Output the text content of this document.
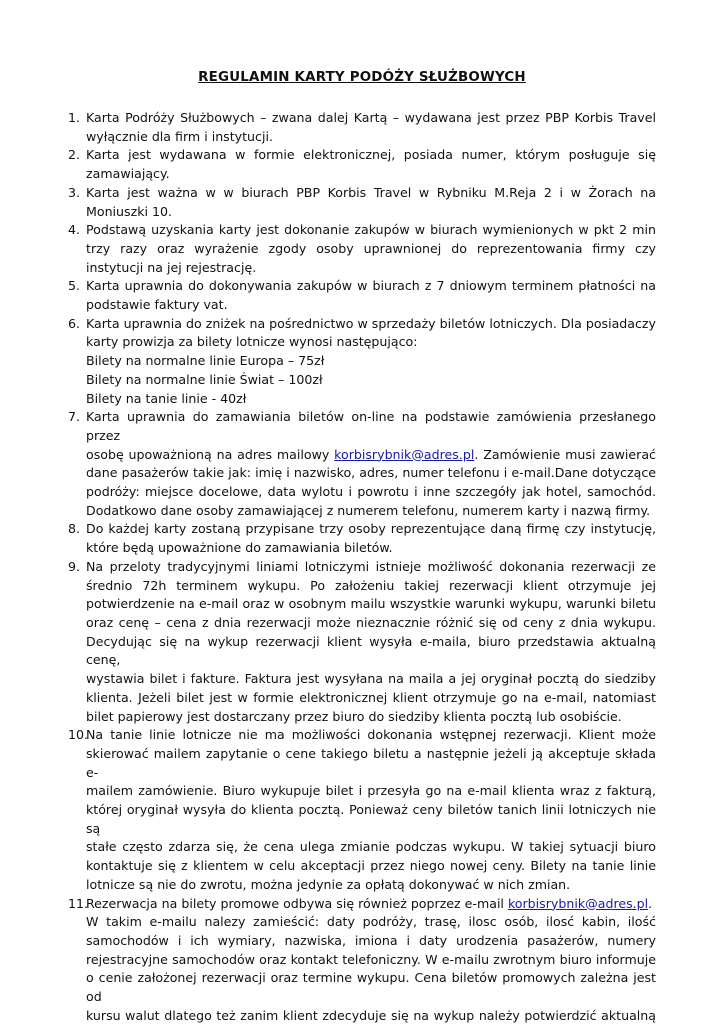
REGULAMIN KARTY PODÓŻY SŁUŻBOWYCH
1. Karta Podróży Służbowych – zwana dalej Kartą – wydawana jest przez PBP Korbis Travel
wyłącznie dla firm i instytucji.
2. Karta jest wydawana w formie elektronicznej, posiada numer, którym posługuje się
zamawiający.
3. Karta jest ważna w w biurach PBP Korbis Travel w Rybniku M.Reja 2 i w Żorach na
Moniuszki 10.
4. Podstawą uzyskania karty jest dokonanie zakupów w biurach wymienionych w pkt 2 min
trzy razy oraz wyrażenie zgody osoby uprawnionej do reprezentowania firmy czy
instytucji na jej rejestrację.
5. Karta uprawnia do dokonywania zakupów w biurach z 7 dniowym terminem płatności na
podstawie faktury vat.
6. Karta uprawnia do zniżek na pośrednictwo w sprzedaży biletów lotniczych. Dla posiadaczy
karty prowizja za bilety lotnicze wynosi następująco:
Bilety na normalne linie Europa – 75zł
Bilety na normalne linie Świat – 100zł
Bilety na tanie linie - 40zł
7. Karta uprawnia do zamawiania biletów on-line na podstawie zamówienia przesłanego przez
osobę upoważnioną na adres mailowy korbisrybnik@adres.pl. Zamówienie musi zawierać
dane pasażerów takie jak: imię i nazwisko, adres, numer telefonu i e-mail.Dane dotyczące
podróży: miejsce docelowe, data wylotu i powrotu i inne szczegóły jak hotel, samochód.
Dodatkowo dane osoby zamawiającej z numerem telefonu, numerem karty i nazwą firmy.
8. Do każdej karty zostaną przypisane trzy osoby reprezentujące daną firmę czy instytucję,
które będą upoważnione do zamawiania biletów.
9. Na przeloty tradycyjnymi liniami lotniczymi istnieje możliwość dokonania rezerwacji ze
średnio 72h terminem wykupu. Po założeniu takiej rezerwacji klient otrzymuje jej
potwierdzenie na e-mail oraz w osobnym mailu wszystkie warunki wykupu, warunki biletu
oraz cenę – cena z dnia rezerwacji może nieznacznie różnić się od ceny z dnia wykupu.
Decydując się na wykup rezerwacji klient wysyła e-maila, biuro przedstawia aktualną cenę,
wystawia bilet i fakture. Faktura jest wysyłana na maila a jej oryginał pocztą do siedziby
klienta. Jeżeli bilet jest w formie elektronicznej klient otrzymuje go na e-mail, natomiast
bilet papierowy jest dostarczany przez biuro do siedziby klienta pocztą lub osobiście.
10.
Na tanie linie lotnicze nie ma możliwości dokonania wstępnej rezerwacji. Klient może
skierować mailem zapytanie o cene takiego biletu a następnie jeżeli ją akceptuje składa e-
mailem zamówienie. Biuro wykupuje bilet i przesyła go na e-mail klienta wraz z fakturą,
której oryginał wysyła do klienta pocztą. Ponieważ ceny biletów tanich linii lotniczych nie są
stałe często zdarza się, że cena ulega zmianie podczas wykupu. W takiej sytuacji biuro
kontaktuje się z klientem w celu akceptacji przez niego nowej ceny. Bilety na tanie linie
lotnicze są nie do zwrotu, można jedynie za opłatą dokonywać w nich zmian.
11.
Rezerwacja na bilety promowe odbywa się również poprzez e-mail korbisrybnik@adres.pl.
W takim e-mailu nalezy zamieścić: daty podróży, trasę, ilosc osób, ilosć kabin, ilość
samochodów i ich wymiary, nazwiska, imiona i daty urodzenia pasażerów, numery
rejestracyjne samochodów oraz kontakt telefoniczny. W e-mailu zwrotnym biuro informuje
o cenie założonej rezerwacji oraz termine wykupu. Cena biletów promowych zależna jest od
kursu walut dlatego też zanim klient zdecyduje się na wykup należy potwierdzić aktualną
